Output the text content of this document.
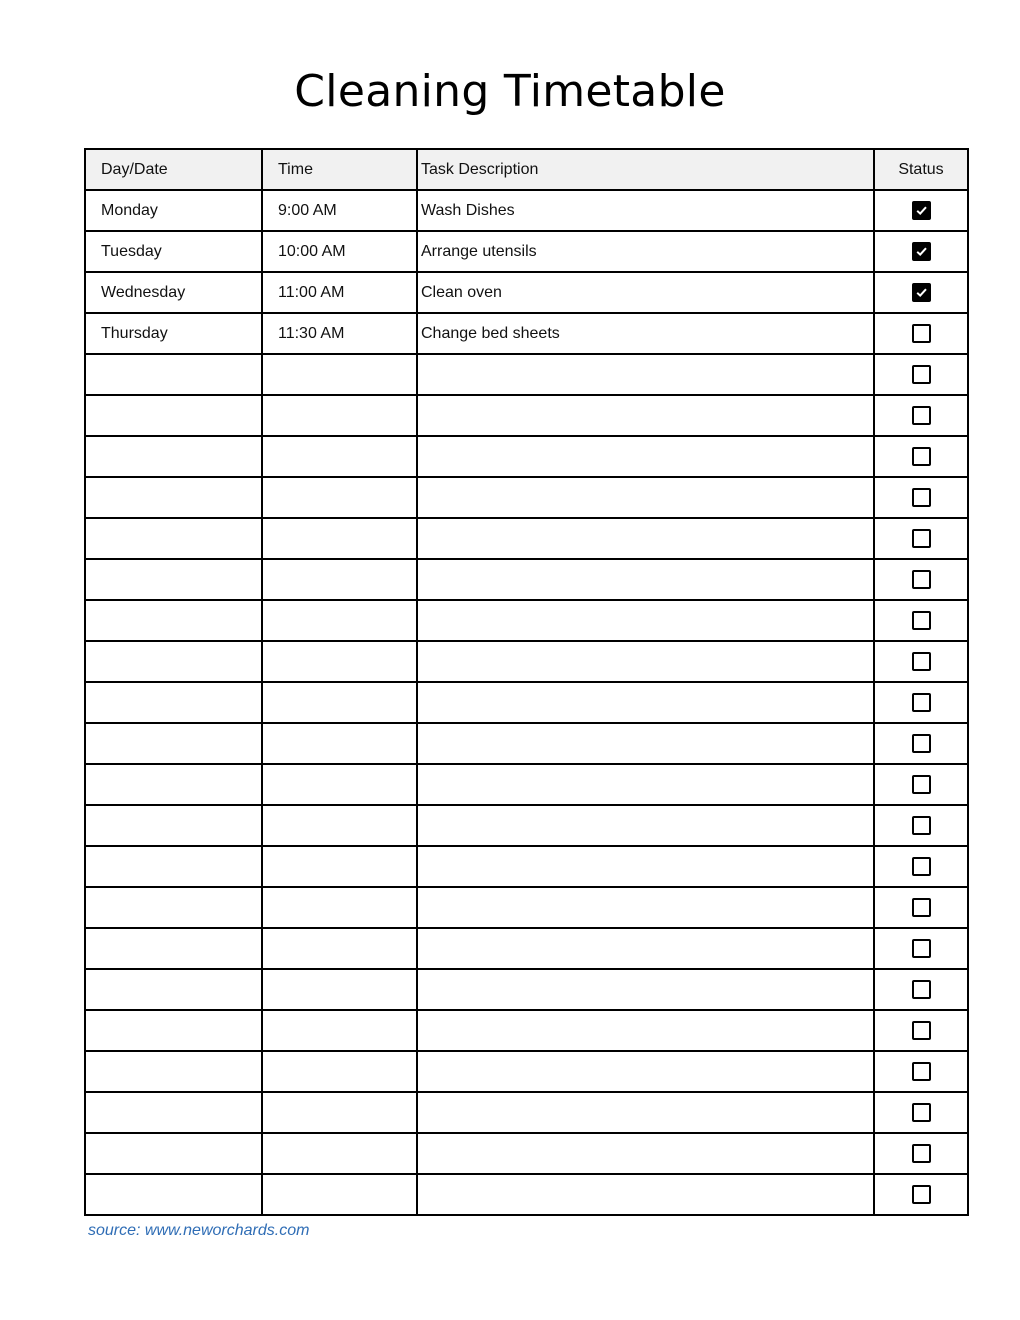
Cleaning Timetable
Day/Date	Time	Task Description	Status
Monday	9:00 AM	Wash Dishes	

Tuesday	10:00 AM	Arrange utensils	

Wednesday	11:00 AM	Clean oven	

Thursday	11:30 AM	Change bed sheets	

source: www.neworchards.com
